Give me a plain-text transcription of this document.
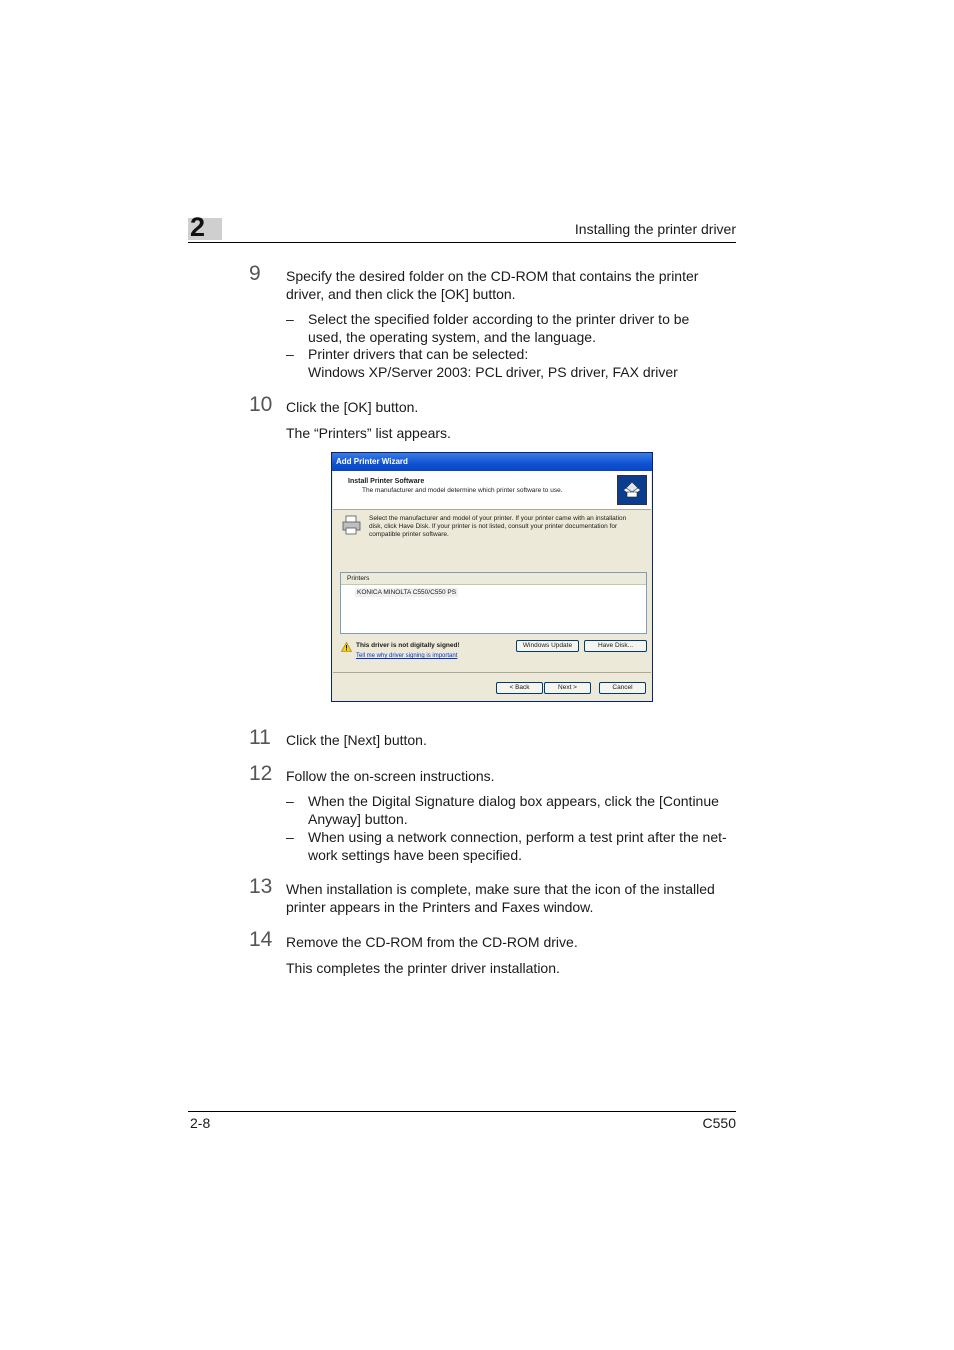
2	Installing the printer driver
9 Specify the desired folder on the CD-ROM that contains the printer
driver, and then click the [OK] button.
– Select the specified folder according to the printer driver to be
used, the operating system, and the language.
– Printer drivers that can be selected:
Windows XP/Server 2003: PCL driver, PS driver, FAX driver
10 Click the [OK] button.
The “Printers” list appears.
Add Printer Wizard
Install Printer Software
The manufacturer and model determine which printer software to use.
Select the manufacturer and model of your printer. If your printer came with an installation
disk, click Have Disk. If your printer is not listed, consult your printer documentation for
compatible printer software.
Printers
KONICA MINOLTA C550/C550 PS
This driver is not digitally signed!
Tell me why driver signing is important
Windows Update	Have Disk...
< Back	Next >	Cancel
11 Click the [Next] button.
12 Follow the on-screen instructions.
– When the Digital Signature dialog box appears, click the [Continue
Anyway] button.
– When using a network connection, perform a test print after the net-
work settings have been specified.
13 When installation is complete, make sure that the icon of the installed
printer appears in the Printers and Faxes window.
14 Remove the CD-ROM from the CD-ROM drive.
This completes the printer driver installation.
2-8	C550
